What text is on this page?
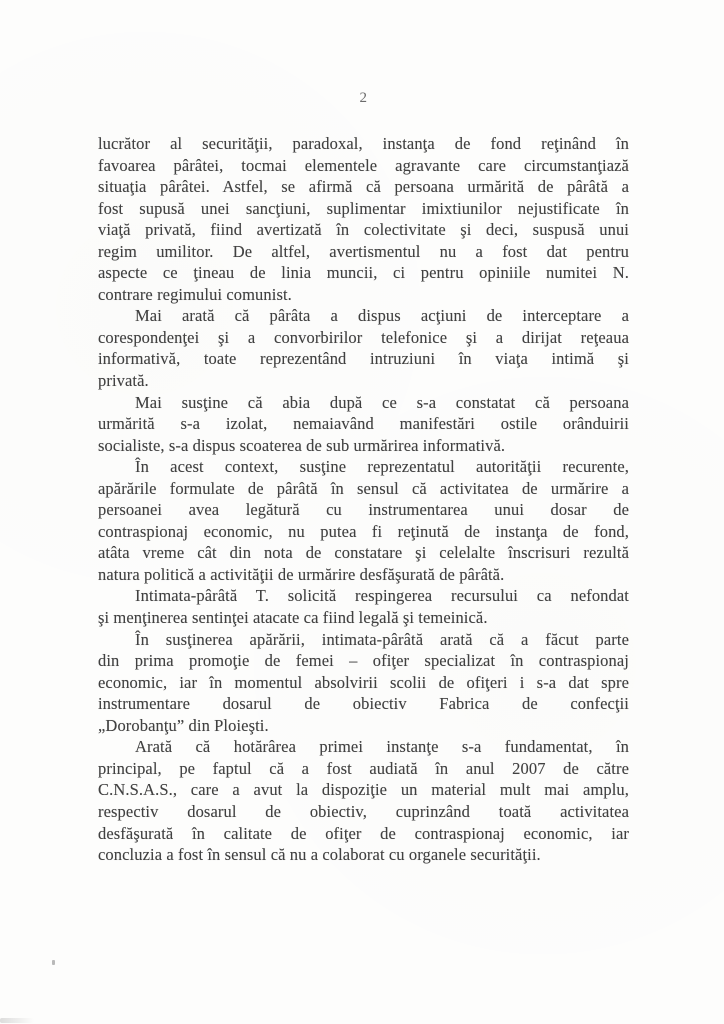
2
lucrător al securităţii, paradoxal, instanţa de fond reţinând în
favoarea pârâtei, tocmai elementele agravante care circumstanţiază
situaţia pârâtei. Astfel, se afirmă că persoana urmărită de pârâtă a
fost supusă unei sancţiuni, suplimentar imixtiunilor nejustificate în
viaţă privată, fiind avertizată în colectivitate şi deci, suspusă unui
regim umilitor. De altfel, avertismentul nu a fost dat pentru
aspecte ce ţineau de linia muncii, ci pentru opiniile numitei N.
contrare regimului comunist.
Mai arată că pârâta a dispus acţiuni de interceptare a
corespondenţei şi a convorbirilor telefonice şi a dirijat reţeaua
informativă, toate reprezentând intruziuni în viaţa intimă şi
privată.
Mai susţine că abia după ce s-a constatat că persoana
urmărită s-a izolat, nemaiavând manifestări ostile orânduirii
socialiste, s-a dispus scoaterea de sub urmărirea informativă.
În acest context, susţine reprezentatul autorităţii recurente,
apărările formulate de pârâtă în sensul că activitatea de urmărire a
persoanei avea legătură cu instrumentarea unui dosar de
contraspionaj economic, nu putea fi reţinută de instanţa de fond,
atâta vreme cât din nota de constatare şi celelalte înscrisuri rezultă
natura politică a activităţii de urmărire desfăşurată de pârâtă.
Intimata-pârâtă T. solicită respingerea recursului ca nefondat
şi menţinerea sentinţei atacate ca fiind legală şi temeinică.
În susţinerea apărării, intimata-pârâtă arată că a făcut parte
din prima promoţie de femei – ofiţer specializat în contraspionaj
economic, iar în momentul absolvirii scolii de ofiţeri i s-a dat spre
instrumentare dosarul de obiectiv Fabrica de confecţii
„Dorobanţu” din Ploieşti.
Arată că hotărârea primei instanţe s-a fundamentat, în
principal, pe faptul că a fost audiată în anul 2007 de către
C.N.S.A.S., care a avut la dispoziţie un material mult mai amplu,
respectiv dosarul de obiectiv, cuprinzând toată activitatea
desfăşurată în calitate de ofiţer de contraspionaj economic, iar
concluzia a fost în sensul că nu a colaborat cu organele securităţii.
